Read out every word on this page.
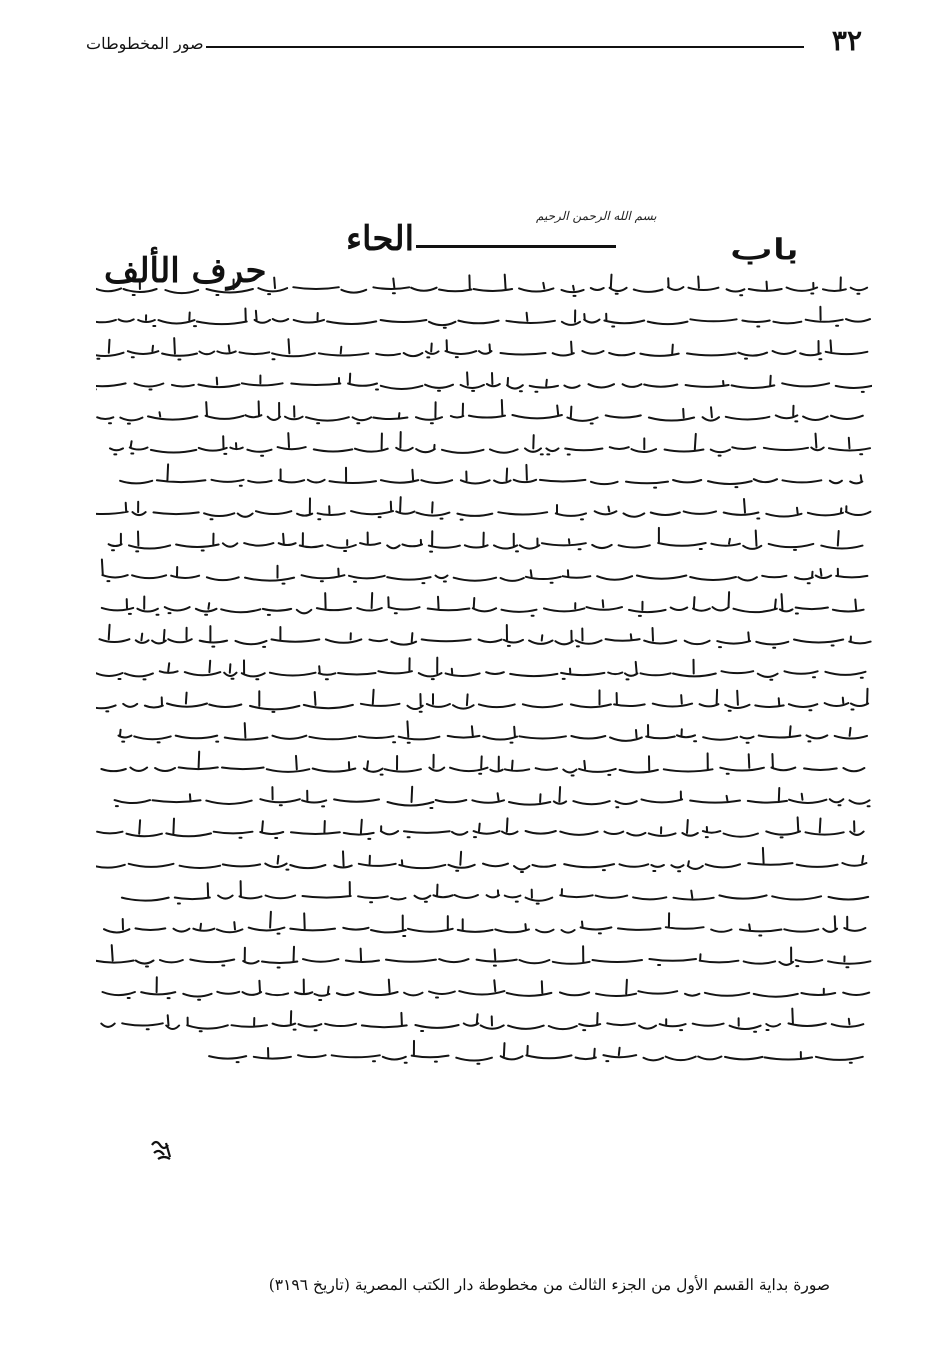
٣٢
صور المخطوطات
بسم الله الرحمن الرحيم
باب
الحاء
حرف الألف
صورة بداية القسم الأول من الجزء الثالث من مخطوطة دار الكتب المصرية (تاريخ ٣١٩٦)
